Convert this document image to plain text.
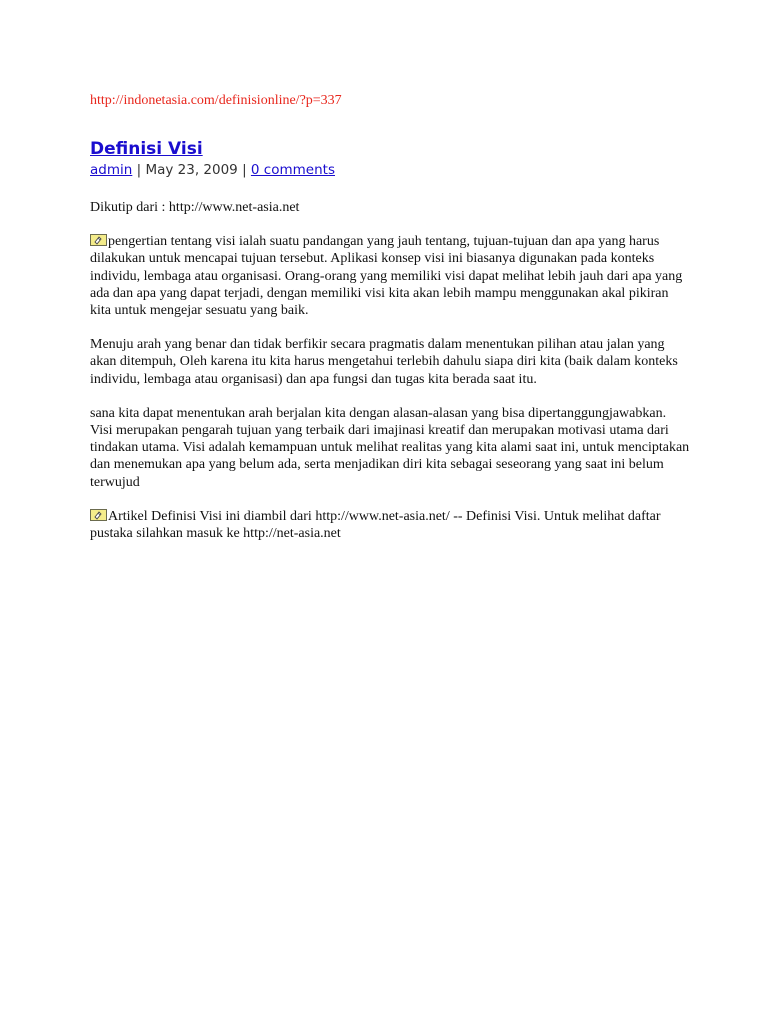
http://indonetasia.com/definisionline/?p=337

Definisi Visi
admin | May 23, 2009 | 0 comments

Dikutip dari : http://www.net-asia.net

pengertian tentang visi ialah suatu pandangan yang jauh tentang, tujuan-tujuan dan apa yang harus dilakukan untuk mencapai tujuan tersebut. Aplikasi konsep visi ini biasanya digunakan pada konteks individu, lembaga atau organisasi. Orang-orang yang memiliki visi dapat melihat lebih jauh dari apa yang ada dan apa yang dapat terjadi, dengan memiliki visi kita akan lebih mampu menggunakan akal pikiran kita untuk mengejar sesuatu yang baik.

Menuju arah yang benar dan tidak berfikir secara pragmatis dalam menentukan pilihan atau jalan yang akan ditempuh, Oleh karena itu kita harus mengetahui terlebih dahulu siapa diri kita (baik dalam konteks individu, lembaga atau organisasi) dan apa fungsi dan tugas kita berada saat itu.

sana kita dapat menentukan arah berjalan kita dengan alasan-alasan yang bisa dipertanggungjawabkan. Visi merupakan pengarah tujuan yang terbaik dari imajinasi kreatif dan merupakan motivasi utama dari tindakan utama. Visi adalah kemampuan untuk melihat realitas yang kita alami saat ini, untuk menciptakan dan menemukan apa yang belum ada, serta menjadikan diri kita sebagai seseorang yang saat ini belum terwujud

Artikel Definisi Visi ini diambil dari http://www.net-asia.net/ -- Definisi Visi. Untuk melihat daftar pustaka silahkan masuk ke http://net-asia.net
